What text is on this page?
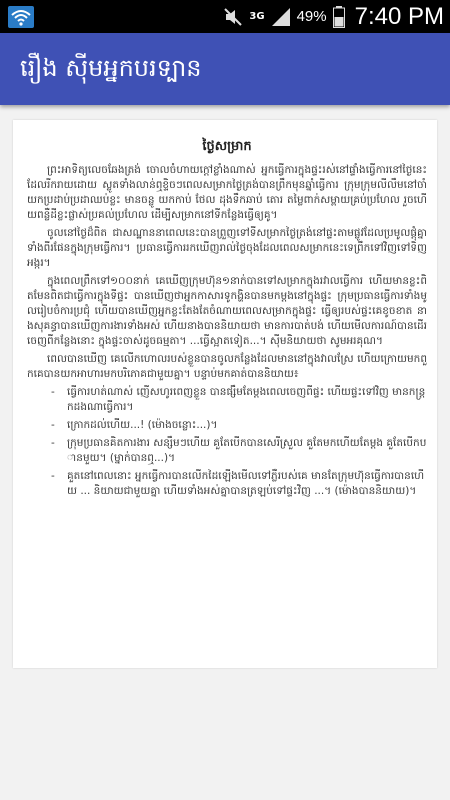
3G 49% 7:40 PM
រឿង ស៊ីមអ្នកបរទ្បាន
ថ្ងៃសម្រាក

ព្រះអាទិត្យលេចឆែងត្រង់ ចោលចំហាយក្តៅខ្លាំងណាស់ អ្នកធ្វើការក្នុងផ្ទះរស់នៅផ្ទាំងធ្វើការនៅថ្ងៃនេះដែលរីករាយដោយ ស្លូតទាំងលាន់ឮខ្ទិចៗពេលសម្រាកថ្ងៃត្រង់បានព្រឹកមុនឆ្នាំធ្វើការ ក្រុមក្រុមលីលឹមនៅចាំ យកប្រដាប់ប្រដាឈប់ខ្លះ មានចន្លូ យកកាប់ ថែល ដុងទឹកឆាប់ តោរ តម្លៃពាក់សម្ពាយគ្រប់ប្រហែល រួចហើយពន្លឺដីខ្លះផ្លាស់ប្រគល់ប្រហែល ដើម្បីសម្រាកនៅទីកន្លែងធ្វើឲ្យគូ។

ចូលនៅថ្ងៃដ៏ពិត ជាសណ្ឋាននាពេលនេះបានព្រួញទៅទីសម្រាកថ្ងៃត្រង់នៅផ្ទះតាមផ្លូវដែលប្រមូលផ្តុំគ្នាទាំងពីរផែនក្នុងក្រុមធ្វើការ។ ប្រធានធ្វើការរកឃើញរាល់ថ្ងៃចុងដែលពេលសម្រាកនេះទេព្រឹកទៅវិញទៅទិញអង្ករ។

ក្នុងពេលព្រឹកទៅ១០០នាក់ គេឃើញក្រុមហ៊ុន១នាក់បានទៅសម្រាកក្នុងរវាលធ្វើការ ហើយមានខ្លះពិតមែនពិតជាធ្វើការក្នុងទីផ្ទះ បានឃើញថាអ្នកកាសារទូកង្ហិនបានមកម្តងនៅក្នុងផ្ទះ ក្រុមប្រធានធ្វើការទាំងមូលរៀបចំការប្រជុំ ហើយបានឃើញអ្នកខ្លះតែងតែចំណាយពេលសម្រាកក្នុងផ្ទះ ធ្វើឲ្យរបស់ផ្ទះគេខូចខាត នាងសុគន្ធាបានឃើញការងារទាំងអស់ ហើយនាងបាននិយាយថា មានការបាត់បង់ ហើយមើលការណ៍បានដើរចេញពីកន្លែងនោះ ក្នុងផ្ទះចាស់ដូចធម្មតា។ ...ធ្វើស្អាតទៀត...។ ស៊ីមនិយាយថា សូមអរគុណ។

ពេលបានឃើញ គេលើកហោលរបស់ខ្លួនបានចូលកន្លែងដែលមាននៅក្នុងវាលស្រែ ហើយក្រោយមកពួកគេបានយកអាហារមកបរិភោគជាមួយគ្នា។ បន្ទាប់មកគាត់បាននិយាយ៖

- ធ្វើការហត់ណាស់ ញើសហូរពេញខ្លួន បានផ្សឹមតែម្តងពេលចេញពីផ្ទះ ហើយផ្ទះទៅវិញ មានកន្ត្រកដងណាធ្វើការ។
- ក្រោកដល់ហើយ...! (ម៉ោងចន្លោះ...)។
- ក្រុមប្រធានគិតការងារ សន្សឹមៗហើយ គួតែបើកបានសេរីស្រួល គួតែមកហើយតែម្តង គួតែបើកបានមួយ។ (ម្នាក់បានឮ...)។
- គួតនៅពេលនោះ អ្នកធ្វើការបានលើកដៃឡើងមើលទៅភ្លឺរបស់គេ មានតែក្រុមហ៊ុនធ្វើការបានហើយ ... និយាយជាមួយគ្នា ហើយទាំងអស់គ្នាបានត្រឡប់ទៅផ្ទះវិញ ...។ (ម៉ោងបាននិយាយ)។
